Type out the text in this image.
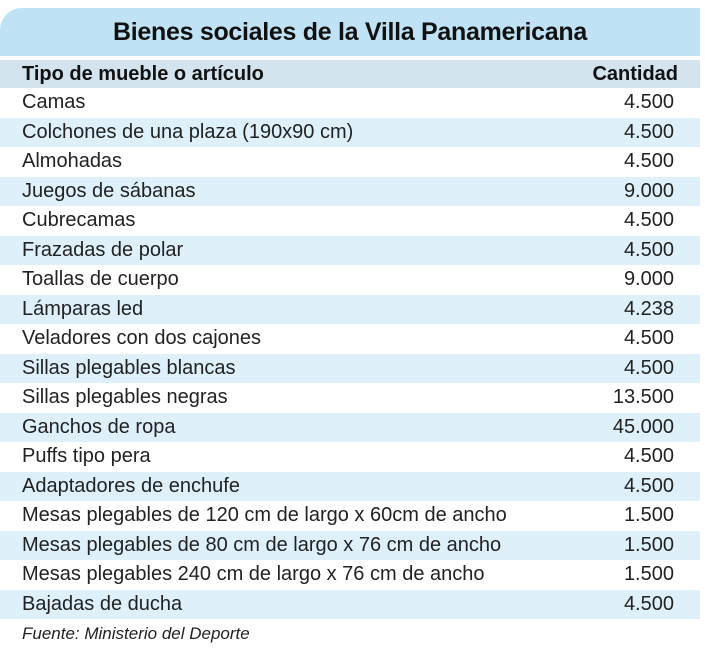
Bienes sociales de la Villa Panamericana
Tipo de mueble o artículo	Cantidad
Camas	4.500
Colchones de una plaza (190x90 cm)	4.500
Almohadas	4.500
Juegos de sábanas	9.000
Cubrecamas	4.500
Frazadas de polar	4.500
Toallas de cuerpo	9.000
Lámparas led	4.238
Veladores con dos cajones	4.500
Sillas plegables blancas	4.500
Sillas plegables negras	13.500
Ganchos de ropa	45.000
Puffs tipo pera	4.500
Adaptadores de enchufe	4.500
Mesas plegables de 120 cm de largo x 60cm de ancho	1.500
Mesas plegables de 80 cm de largo x 76 cm de ancho	1.500
Mesas plegables 240 cm de largo x 76 cm de ancho	1.500
Bajadas de ducha	4.500
Fuente: Ministerio del Deporte
